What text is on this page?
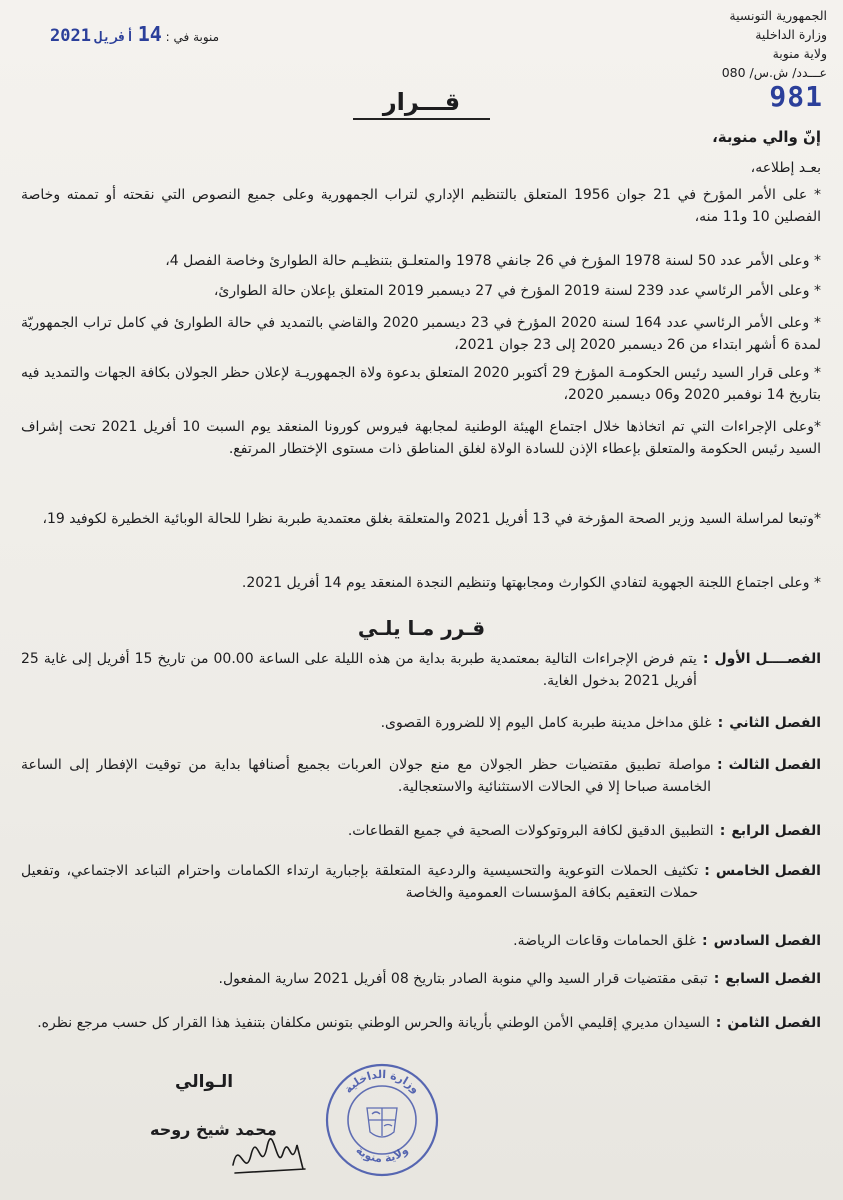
الجمهورية التونسية
وزارة الداخلية
ولاية منوبة
عـــدد/ ش.س/ 080
منوبة في : 14 أفريل 2021
981
قـــرار
إنّ والي منوبة،
بعـد إطلاعه،
* على الأمر المؤرخ في 21 جوان 1956 المتعلق بالتنظيم الإداري لتراب الجمهورية وعلى جميع النصوص التي نقحته أو تممته وخاصة الفصلين 10 و11 منه،
* وعلى الأمر عدد 50 لسنة 1978 المؤرخ في 26 جانفي 1978 والمتعلـق بتنظيـم حالة الطوارئ وخاصة الفصل 4،
* وعلى الأمر الرئاسي عدد 239 لسنة 2019 المؤرخ في 27 ديسمبر 2019 المتعلق بإعلان حالة الطوارئ،
* وعلى الأمر الرئاسي عدد 164 لسنة 2020 المؤرخ في 23 ديسمبر 2020 والقاضي بالتمديد في حالة الطوارئ في كامل تراب الجمهوريّة لمدة 6 أشهر ابتداء من 26 ديسمبر 2020 إلى 23 جوان 2021،
* وعلى قرار السيد رئيس الحكومـة المؤرخ 29 أكتوبر 2020 المتعلق بدعوة ولاة الجمهوريـة لإعلان حظر الجولان بكافة الجهات والتمديد فيه بتاريخ 14 نوفمبر 2020 و06 ديسمبر 2020،
*وعلى الإجراءات التي تم اتخاذها خلال اجتماع الهيئة الوطنية لمجابهة فيروس كورونا المنعقد يوم السبت 10 أفريل 2021 تحت إشراف السيد رئيس الحكومة والمتعلق بإعطاء الإذن للسادة الولاة لغلق المناطق ذات مستوى الإختطار المرتفع.
*وتبعا لمراسلة السيد وزير الصحة المؤرخة في 13 أفريل 2021 والمتعلقة بغلق معتمدية طبربة نظرا للحالة الوبائية الخطيرة لكوفيد 19،
* وعلى اجتماع اللجنة الجهوية لتفادي الكوارث ومجابهتها وتنظيم النجدة المنعقد يوم 14 أفريل 2021.
قـرر مـا يلـي
الفصــــل الأول
:
يتم فرض الإجراءات التالية بمعتمدية طبربة بداية من هذه الليلة على الساعة 00.00 من تاريخ 15 أفريل إلى غاية 25 أفريل 2021 بدخول الغاية.
الفصل الثاني
:
غلق مداخل مدينة طبربة كامل اليوم إلا للضرورة القصوى.
الفصل الثالث
:
مواصلة تطبيق مقتضيات حظر الجولان مع منع جولان العربات بجميع أصنافها بداية من توقيت الإفطار إلى الساعة الخامسة صباحا إلا في الحالات الاستثنائية والاستعجالية.
الفصل الرابع
:
التطبيق الدقيق لكافة البروتوكولات الصحية في جميع القطاعات.
الفصل الخامس
:
تكثيف الحملات التوعوية والتحسيسية والردعية المتعلقة بإجبارية ارتداء الكمامات واحترام التباعد الاجتماعي، وتفعيل حملات التعقيم بكافة المؤسسات العمومية والخاصة
الفصل السادس
:
غلق الحمامات وقاعات الرياضة.
الفصل السابع
:
تبقى مقتضيات قرار السيد والي منوبة الصادر بتاريخ 08 أفريل 2021 سارية المفعول.
الفصل الثامن
:
السيدان مديري إقليمي الأمن الوطني بأريانة والحرس الوطني بتونس مكلفان بتنفيذ هذا القرار كل حسب مرجع نظره.
الـوالي
محمد شيخ روحه
وزارة الداخلية
ولاية منوبة
